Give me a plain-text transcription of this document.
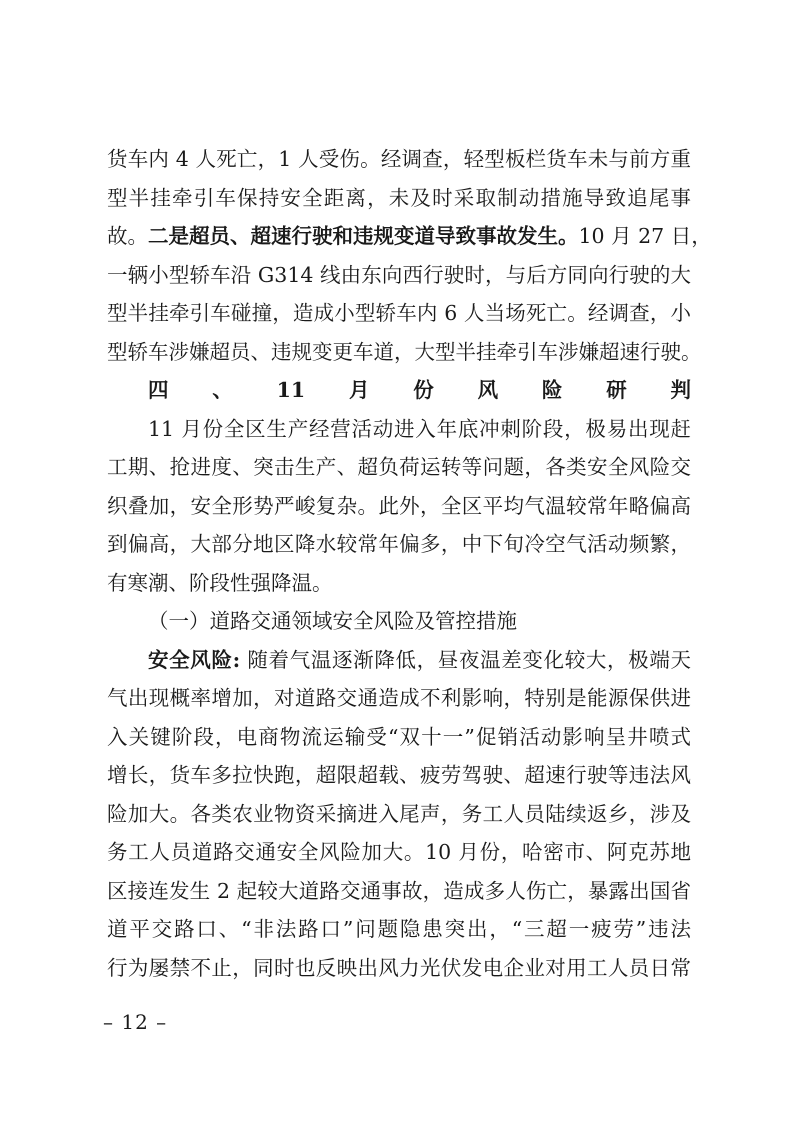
货车内 4 人死亡，1 人受伤。经调查，轻型板栏货车未与前方重
型半挂牵引车保持安全距离，未及时采取制动措施导致追尾事
故。二是超员、超速行驶和违规变道导致事故发生。10 月 27 日，
一辆小型轿车沿 G314 线由东向西行驶时，与后方同向行驶的大
型半挂牵引车碰撞，造成小型轿车内 6 人当场死亡。经调查，小
型轿车涉嫌超员、违规变更车道，大型半挂牵引车涉嫌超速行驶。
四、11月份风险研判
11 月份全区生产经营活动进入年底冲刺阶段，极易出现赶
工期、抢进度、突击生产、超负荷运转等问题，各类安全风险交
织叠加，安全形势严峻复杂。此外，全区平均气温较常年略偏高
到偏高，大部分地区降水较常年偏多，中下旬冷空气活动频繁，
有寒潮、阶段性强降温。
（一）道路交通领域安全风险及管控措施
安全风险: 随着气温逐渐降低，昼夜温差变化较大，极端天
气出现概率增加，对道路交通造成不利影响，特别是能源保供进
入关键阶段，电商物流运输受“双十一”促销活动影响呈井喷式
增长，货车多拉快跑，超限超载、疲劳驾驶、超速行驶等违法风
险加大。各类农业物资采摘进入尾声，务工人员陆续返乡，涉及
务工人员道路交通安全风险加大。10 月份，哈密市、阿克苏地
区接连发生 2 起较大道路交通事故，造成多人伤亡，暴露出国省
道平交路口、“非法路口”问题隐患突出，“三超一疲劳”违法
行为屡禁不止，同时也反映出风力光伏发电企业对用工人员日常
– 12 –
